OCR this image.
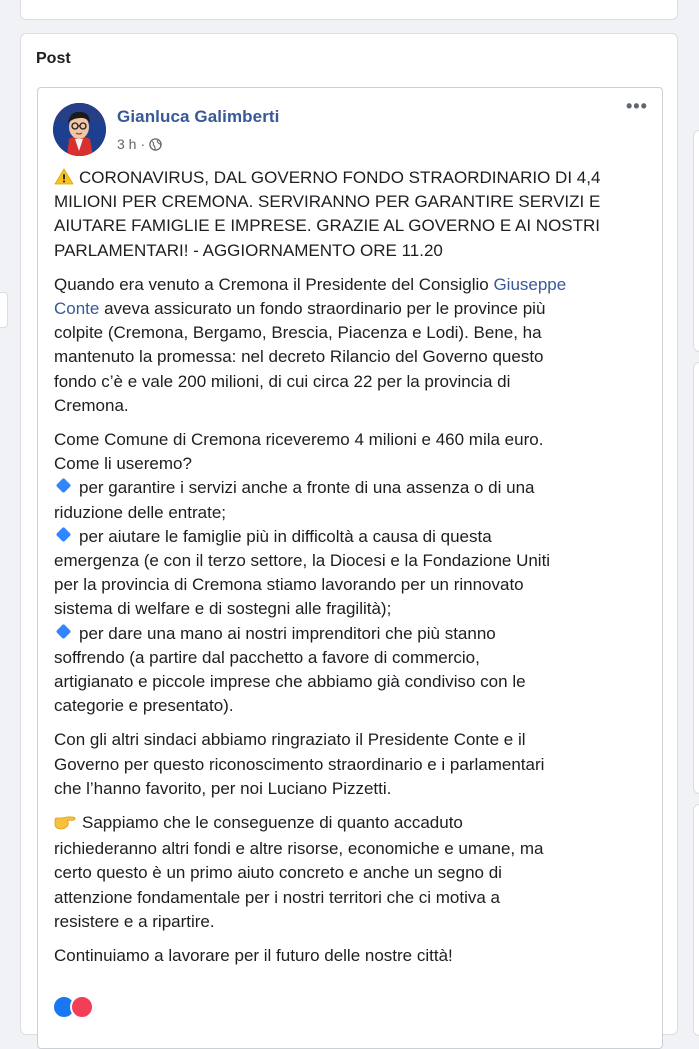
Post
Gianluca Galimberti
3 h ·
•••

CORONAVIRUS, DAL GOVERNO FONDO STRAORDINARIO DI 4,4
MILIONI PER CREMONA. SERVIRANNO PER GARANTIRE SERVIZI E
AIUTARE FAMIGLIE E IMPRESE. GRAZIE AL GOVERNO E AI NOSTRI
PARLAMENTARI! - AGGIORNAMENTO ORE 11.20

Quando era venuto a Cremona il Presidente del Consiglio Giuseppe
Conte aveva assicurato un fondo straordinario per le province più
colpite (Cremona, Bergamo, Brescia, Piacenza e Lodi). Bene, ha
mantenuto la promessa: nel decreto Rilancio del Governo questo
fondo c’è e vale 200 milioni, di cui circa 22 per la provincia di
Cremona.

Come Comune di Cremona riceveremo 4 milioni e 460 mila euro.
Come li useremo?
per garantire i servizi anche a fronte di una assenza o di una
riduzione delle entrate;
per aiutare le famiglie più in difficoltà a causa di questa
emergenza (e con il terzo settore, la Diocesi e la Fondazione Uniti
per la provincia di Cremona stiamo lavorando per un rinnovato
sistema di welfare e di sostegni alle fragilità);
per dare una mano ai nostri imprenditori che più stanno
soffrendo (a partire dal pacchetto a favore di commercio,
artigianato e piccole imprese che abbiamo già condiviso con le
categorie e presentato).

Con gli altri sindaci abbiamo ringraziato il Presidente Conte e il
Governo per questo riconoscimento straordinario e i parlamentari
che l’hanno favorito, per noi Luciano Pizzetti.

Sappiamo che le conseguenze di quanto accaduto
richiederanno altri fondi e altre risorse, economiche e umane, ma
certo questo è un primo aiuto concreto e anche un segno di
attenzione fondamentale per i nostri territori che ci motiva a
resistere e a ripartire.

Continuiamo a lavorare per il futuro delle nostre città!
